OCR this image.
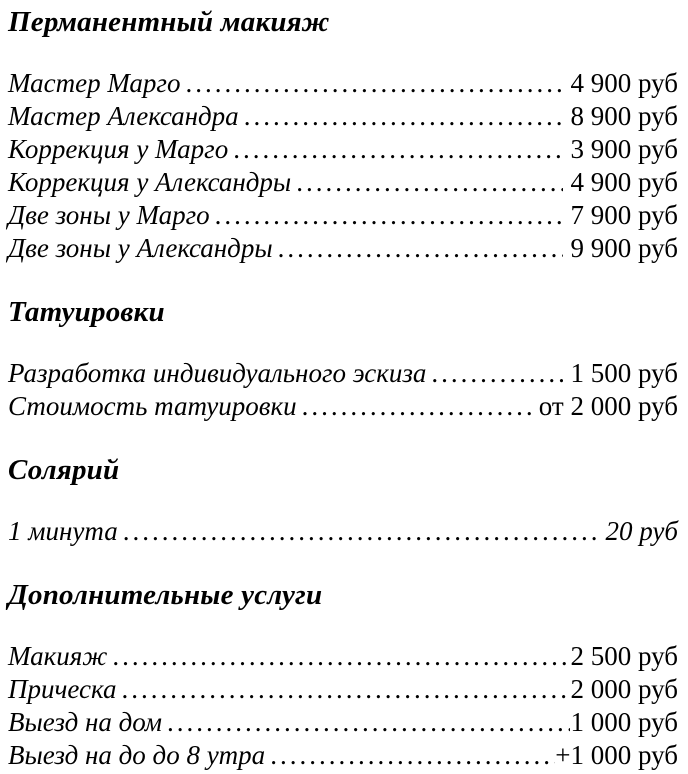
Перманентный макияж
Мастер Марго .....	4 900 руб
Мастер Александра .....	8 900 руб
Коррекция у Марго .....	3 900 руб
Коррекция у Александры .....	4 900 руб
Две зоны у Марго .....	7 900 руб
Две зоны у Александры .....	9 900 руб
Татуировки
Разработка индивидуального эскиза .....	1 500 руб
Стоимость татуировки .....	от 2 000 руб
Солярий
1 минута .....	20 руб
Дополнительные услуги
Макияж .....	2 500 руб
Прическа .....	2 000 руб
Выезд на дом .....	1 000 руб
Выезд на до до 8 утра .....	+1 000 руб
